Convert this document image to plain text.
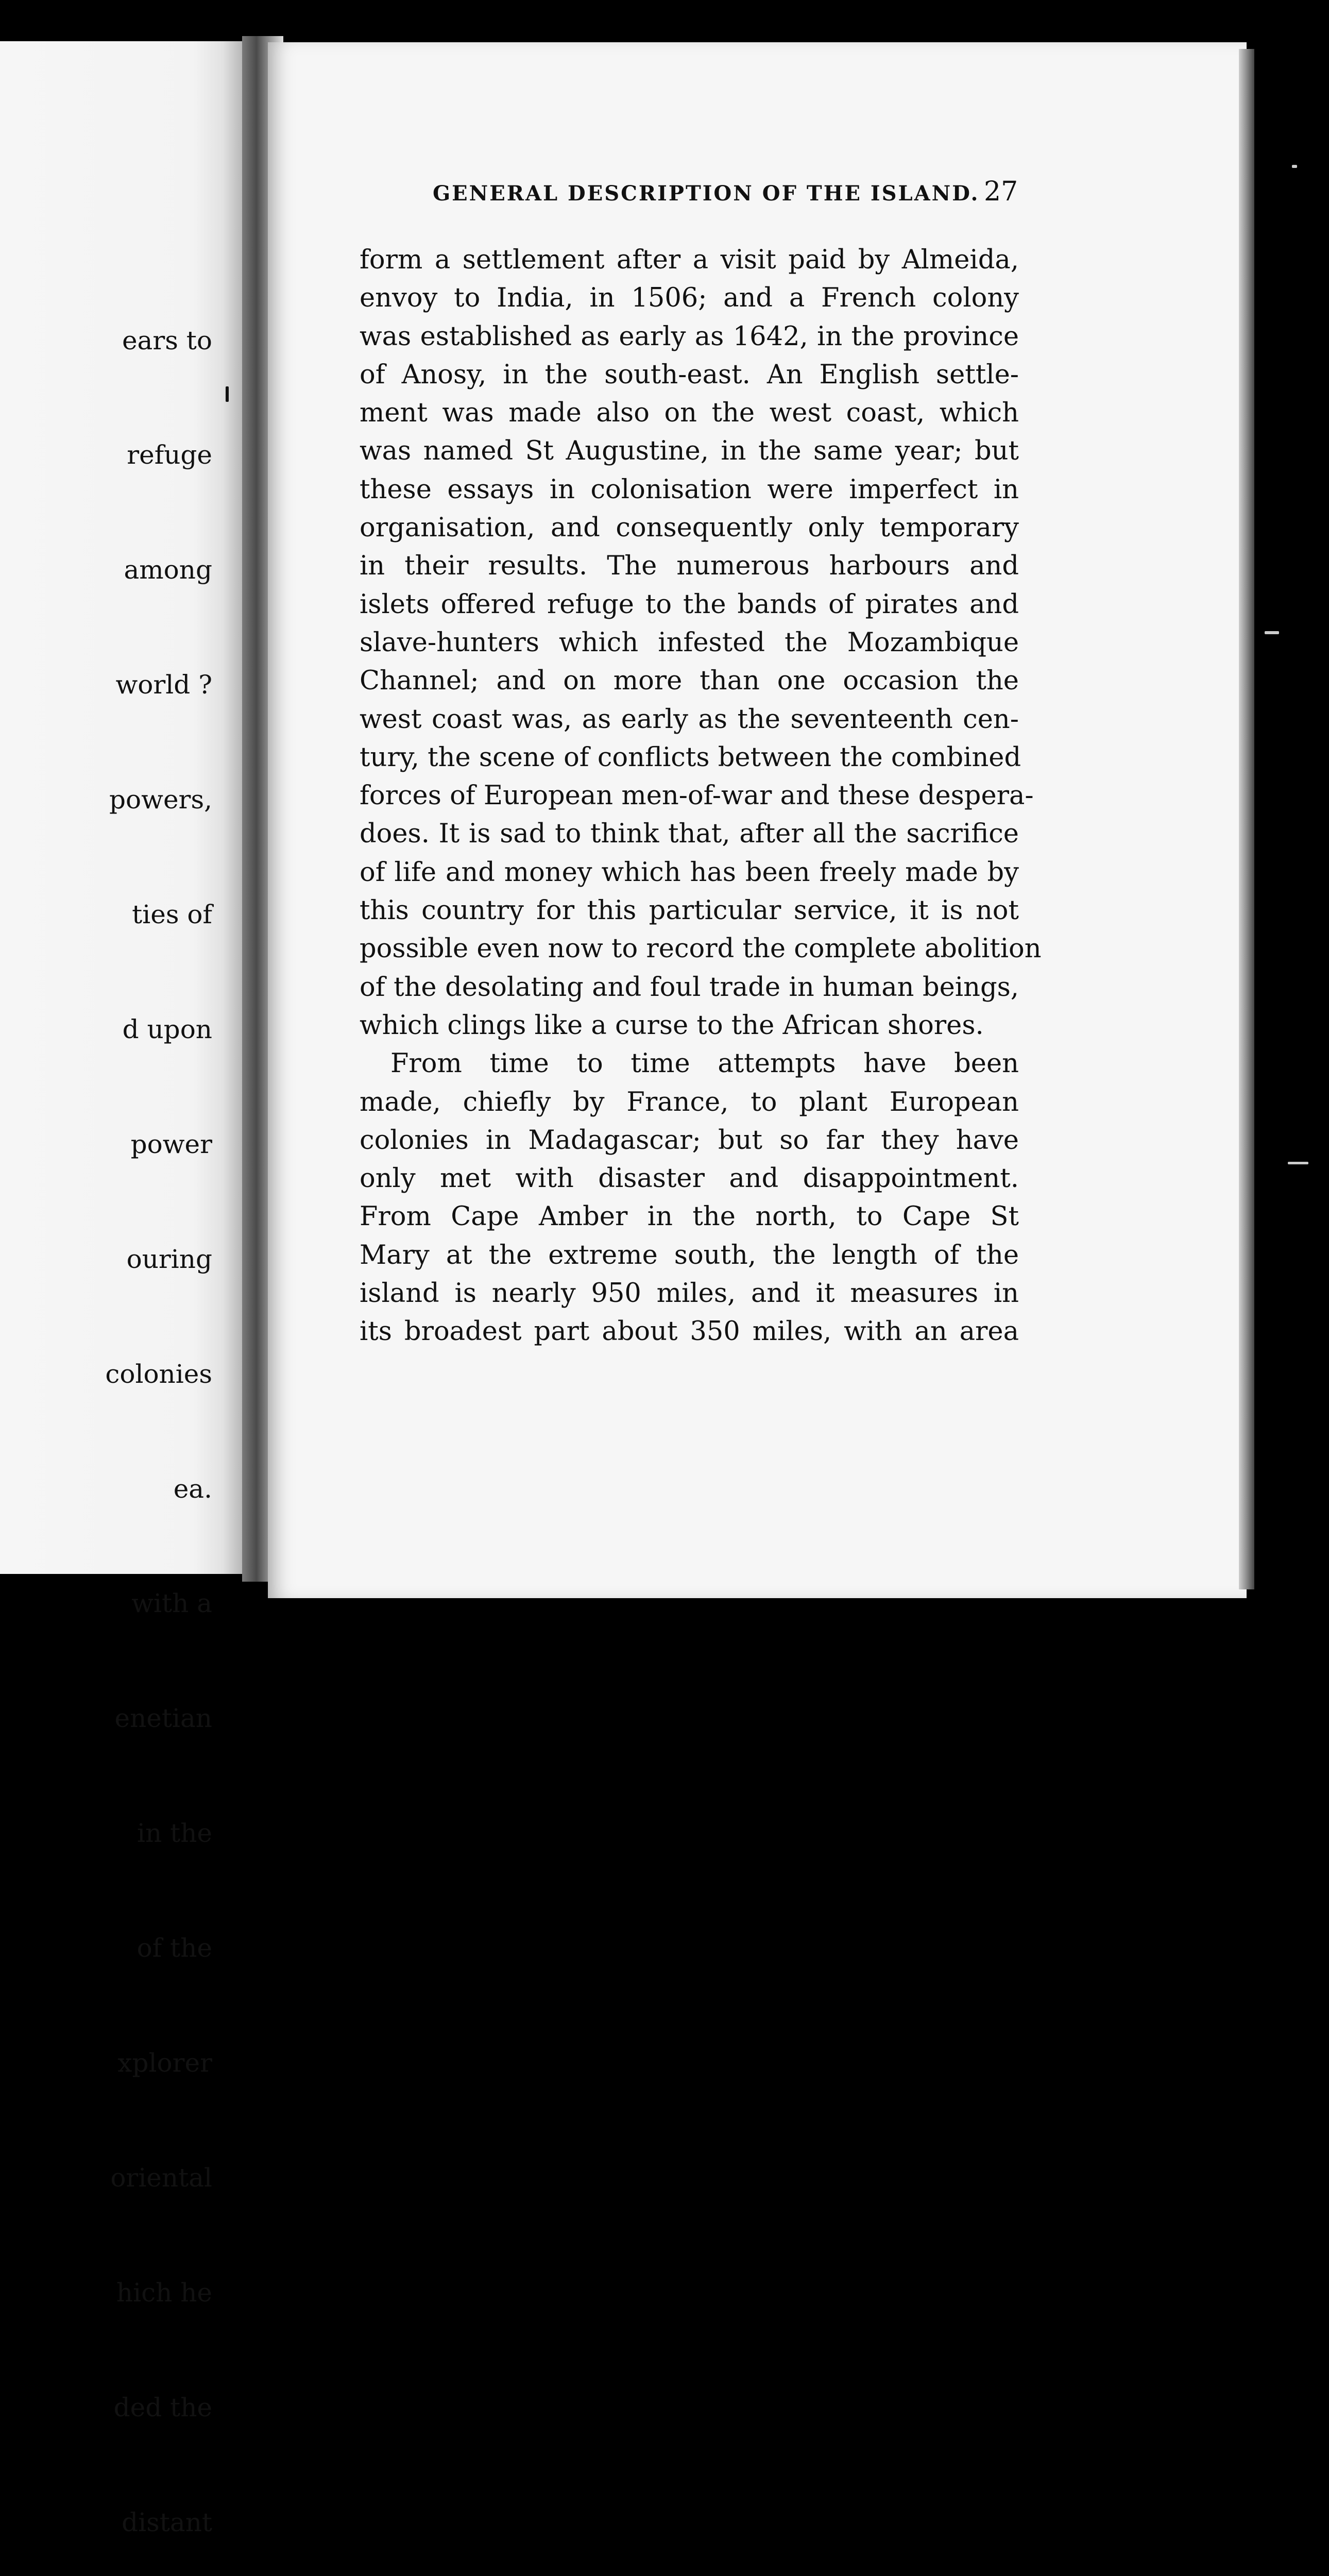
ears to

refuge

among

world ?

powers,

ties of

d upon

power

ouring

colonies

ea.

with a

enetian

in the

of the

xplorer

oriental

hich he

ded the

distant

GENERAL DESCRIPTION OF THE ISLAND. 27
form a settlement after a visit paid by Almeida,
envoy to India, in 1506; and a French colony
was established as early as 1642, in the province
of Anosy, in the south-east. An English settle-
ment was made also on the west coast, which
was named St Augustine, in the same year; but
these essays in colonisation were imperfect in
organisation, and consequently only temporary
in their results. The numerous harbours and
islets offered refuge to the bands of pirates and
slave-hunters which infested the Mozambique
Channel; and on more than one occasion the
west coast was, as early as the seventeenth cen-
tury, the scene of conflicts between the combined
forces of European men-of-war and these despera-
does. It is sad to think that, after all the sacrifice
of life and money which has been freely made by
this country for this particular service, it is not
possible even now to record the complete abolition
of the desolating and foul trade in human beings,
which clings like a curse to the African shores.
From time to time attempts have been
made, chiefly by France, to plant European
colonies in Madagascar; but so far they have
only met with disaster and disappointment.
From Cape Amber in the north, to Cape St
Mary at the extreme south, the length of the
island is nearly 950 miles, and it measures in
its broadest part about 350 miles, with an area
